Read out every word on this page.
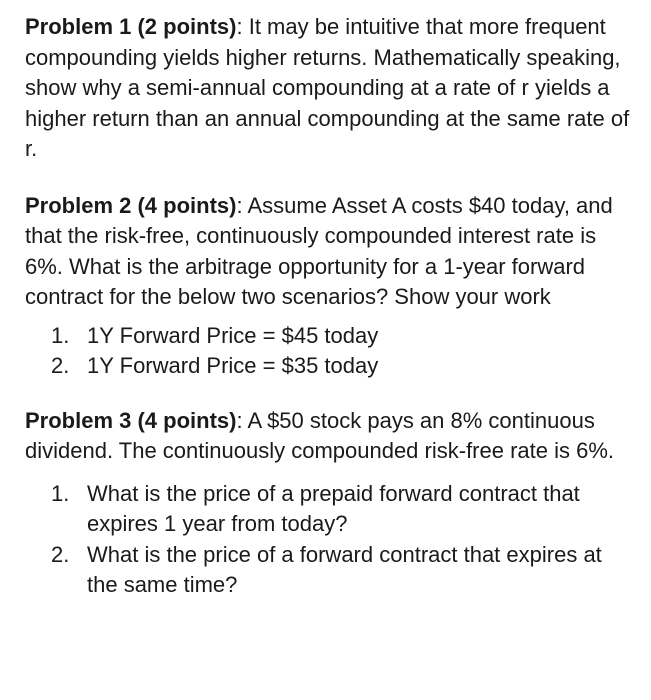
Problem 1 (2 points): It may be intuitive that more frequent compounding yields higher returns. Mathematically speaking, show why a semi-annual compounding at a rate of r yields a higher return than an annual compounding at the same rate of r.

Problem 2 (4 points): Assume Asset A costs $40 today, and that the risk-free, continuously compounded interest rate is 6%. What is the arbitrage opportunity for a 1-year forward contract for the below two scenarios? Show your work

1. 1Y Forward Price = $45 today
2. 1Y Forward Price = $35 today

Problem 3 (4 points): A $50 stock pays an 8% continuous dividend. The continuously compounded risk-free rate is 6%.

1. What is the price of a prepaid forward contract that expires 1 year from today?
2. What is the price of a forward contract that expires at the same time?
